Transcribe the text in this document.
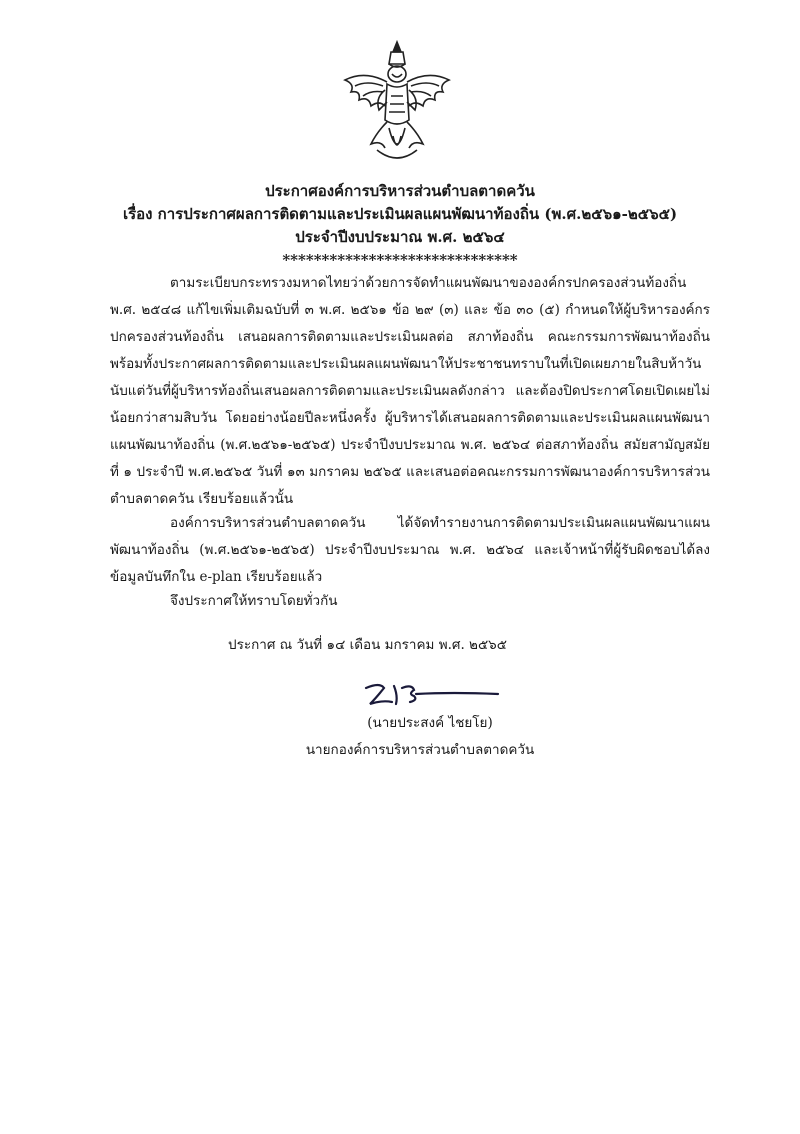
ประกาศองค์การบริหารส่วนตำบลตาดควัน
เรื่อง การประกาศผลการติดตามและประเมินผลแผนพัฒนาท้องถิ่น (พ.ศ.๒๕๖๑-๒๕๖๕)
ประจำปีงบประมาณ พ.ศ. ๒๕๖๔
******************************
ตามระเบียบกระทรวงมหาดไทยว่าด้วยการจัดทำแผนพัฒนาขององค์กรปกครองส่วนท้องถิ่น พ.ศ. ๒๕๔๘ แก้ไขเพิ่มเติมฉบับที่ ๓ พ.ศ. ๒๕๖๑ ข้อ ๒๙ (๓) และ ข้อ ๓๐ (๕) กำหนดให้ผู้บริหารองค์กรปกครองส่วนท้องถิ่น เสนอผลการติดตามและประเมินผลต่อ สภาท้องถิ่น คณะกรรมการพัฒนาท้องถิ่น พร้อมทั้งประกาศผลการติดตามและประเมินผลแผนพัฒนาให้ประชาชนทราบในที่เปิดเผยภายในสิบห้าวันนับแต่วันที่ผู้บริหารท้องถิ่นเสนอผลการติดตามและประเมินผลดังกล่าว และต้องปิดประกาศโดยเปิดเผยไม่น้อยกว่าสามสิบวัน โดยอย่างน้อยปีละหนึ่งครั้ง ผู้บริหารได้เสนอผลการติดตามและประเมินผลแผนพัฒนาแผนพัฒนาท้องถิ่น (พ.ศ.๒๕๖๑-๒๕๖๕) ประจำปีงบประมาณ พ.ศ. ๒๕๖๔ ต่อสภาท้องถิ่น สมัยสามัญสมัยที่ ๑ ประจำปี พ.ศ.๒๕๖๕ วันที่ ๑๓ มกราคม ๒๕๖๕ และเสนอต่อคณะกรรมการพัฒนาองค์การบริหารส่วนตำบลตาดควัน เรียบร้อยแล้วนั้น
องค์การบริหารส่วนตำบลตาดควัน ได้จัดทำรายงานการติดตามประเมินผลแผนพัฒนาแผนพัฒนาท้องถิ่น (พ.ศ.๒๕๖๑-๒๕๖๕) ประจำปีงบประมาณ พ.ศ. ๒๕๖๔ และเจ้าหน้าที่ผู้รับผิดชอบได้ลงข้อมูลบันทึกใน e-plan เรียบร้อยแล้ว
จึงประกาศให้ทราบโดยทั่วกัน
ประกาศ ณ วันที่ ๑๔ เดือน มกราคม พ.ศ. ๒๕๖๕
(นายประสงค์ ไชยโย)
นายกองค์การบริหารส่วนตำบลตาดควัน
